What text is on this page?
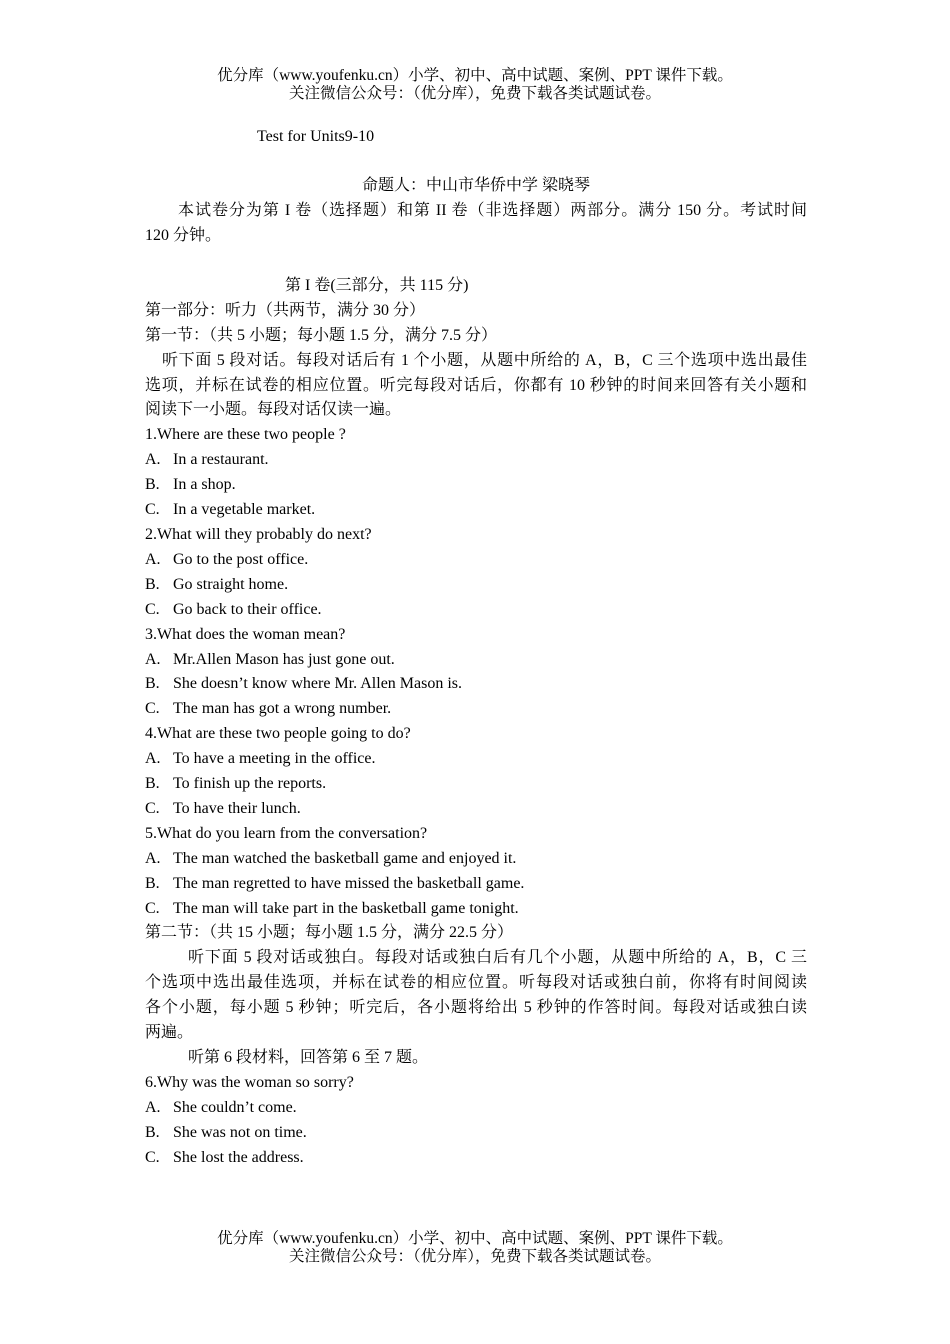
优分库（www.youfenku.cn）小学、初中、高中试题、案例、PPT 课件下载。
关注微信公众号：（优分库），免费下载各类试题试卷。
Test for Units9-10
命题人：中山市华侨中学 梁晓琴
本试卷分为第 I 卷（选择题）和第 II 卷（非选择题）两部分。满分 150 分。考试时间
120 分钟。
第 I 卷(三部分，共 115 分)
第一部分：听力（共两节，满分 30 分）
第一节：（共 5 小题；每小题 1.5 分，满分 7.5 分）
听下面 5 段对话。每段对话后有 1 个小题，从题中所给的 A，B，C 三个选项中选出最佳
选项，并标在试卷的相应位置。听完每段对话后，你都有 10 秒钟的时间来回答有关小题和
阅读下一小题。每段对话仅读一遍。
1.Where are these two people ?
A. In a restaurant.
B. In a shop.
C. In a vegetable market.
2.What will they probably do next?
A. Go to the post office.
B. Go straight home.
C. Go back to their office.
3.What does the woman mean?
A. Mr.Allen Mason has just gone out.
B. She doesn’t know where Mr. Allen Mason is.
C. The man has got a wrong number.
4.What are these two people going to do?
A. To have a meeting in the office.
B. To finish up the reports.
C. To have their lunch.
5.What do you learn from the conversation?
A. The man watched the basketball game and enjoyed it.
B. The man regretted to have missed the basketball game.
C. The man will take part in the basketball game tonight.
第二节：（共 15 小题；每小题 1.5 分，满分 22.5 分）
听下面 5 段对话或独白。每段对话或独白后有几个小题，从题中所给的 A，B，C 三
个选项中选出最佳选项，并标在试卷的相应位置。听每段对话或独白前，你将有时间阅读
各个小题，每小题 5 秒钟；听完后，各小题将给出 5 秒钟的作答时间。每段对话或独白读
两遍。
听第 6 段材料，回答第 6 至 7 题。
6.Why was the woman so sorry?
A. She couldn’t come.
B. She was not on time.
C. She lost the address.
优分库（www.youfenku.cn）小学、初中、高中试题、案例、PPT 课件下载。
关注微信公众号：（优分库），免费下载各类试题试卷。
